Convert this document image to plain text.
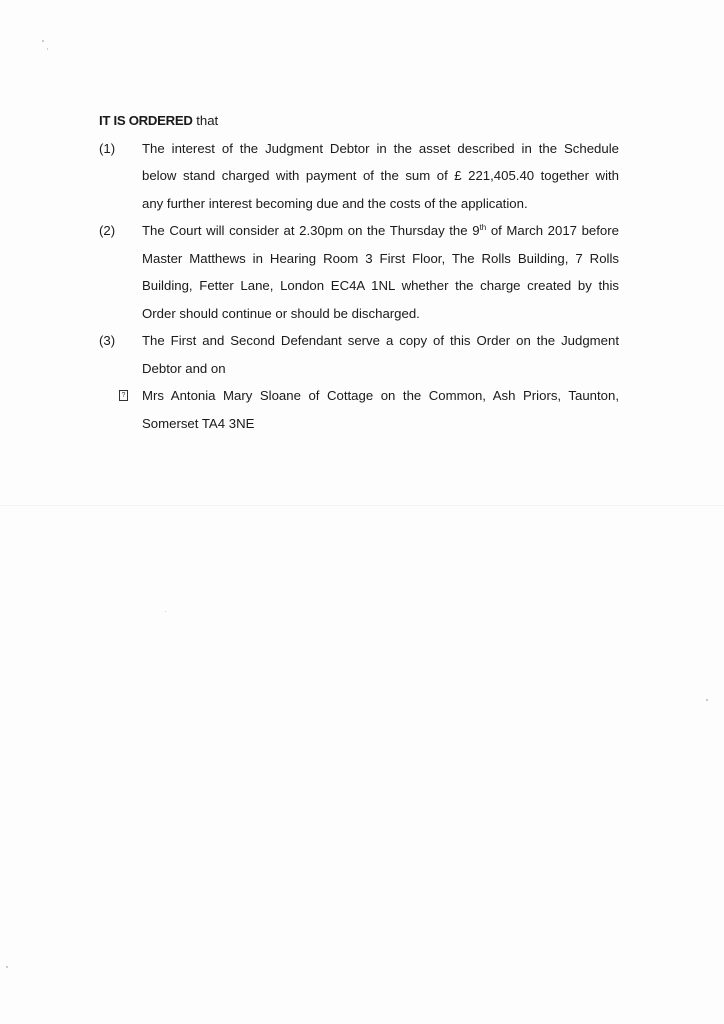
IT IS ORDERED that

(1) The interest of the Judgment Debtor in the asset described in the Schedule
below stand charged with payment of the sum of £ 221,405.40 together with
any further interest becoming due and the costs of the application.
(2) The Court will consider at 2.30pm on the Thursday the 9th of March 2017 before
Master Matthews in Hearing Room 3 First Floor, The Rolls Building, 7 Rolls
Building, Fetter Lane, London EC4A 1NL whether the charge created by this
Order should continue or should be discharged.
(3) The First and Second Defendant serve a copy of this Order on the Judgment
Debtor and on
? Mrs Antonia Mary Sloane of Cottage on the Common, Ash Priors, Taunton,
Somerset TA4 3NE
